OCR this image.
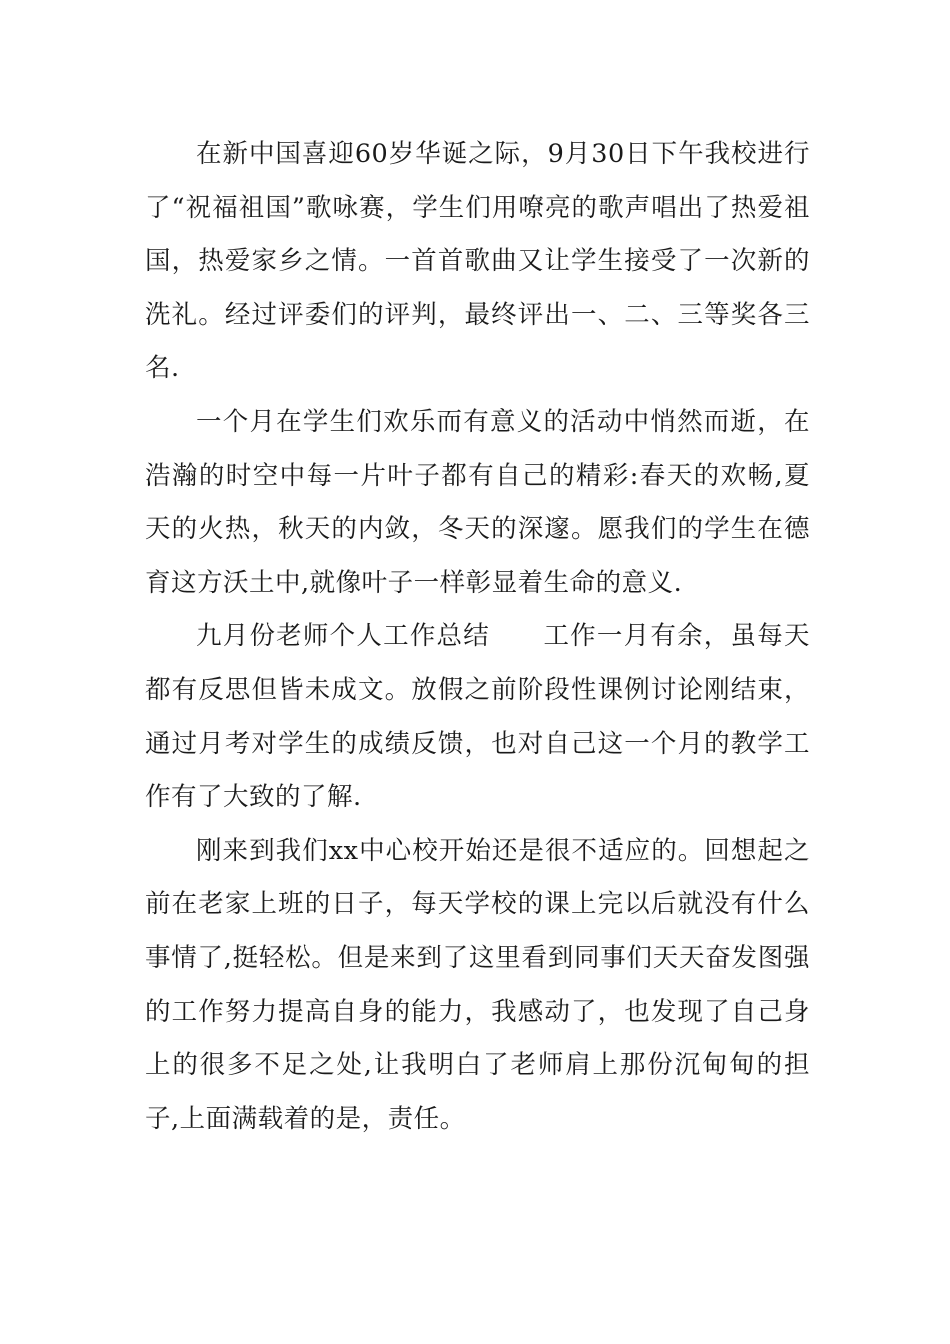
在新中国喜迎60岁华诞之际，9月30日下午我校进行了“祝福祖国”歌咏赛，学生们用嘹亮的歌声唱出了热爱祖国，热爱家乡之情。一首首歌曲又让学生接受了一次新的洗礼。经过评委们的评判，最终评出一、二、三等奖各三名.

一个月在学生们欢乐而有意义的活动中悄然而逝，在浩瀚的时空中每一片叶子都有自己的精彩:春天的欢畅,夏天的火热，秋天的内敛，冬天的深邃。愿我们的学生在德育这方沃土中,就像叶子一样彰显着生命的意义.

九月份老师个人工作总结　　工作一月有余，虽每天都有反思但皆未成文。放假之前阶段性课例讨论刚结束，通过月考对学生的成绩反馈，也对自己这一个月的教学工作有了大致的了解.

刚来到我们xx中心校开始还是很不适应的。回想起之前在老家上班的日子，每天学校的课上完以后就没有什么事情了,挺轻松。但是来到了这里看到同事们天天奋发图强的工作努力提高自身的能力，我感动了，也发现了自己身上的很多不足之处,让我明白了老师肩上那份沉甸甸的担子,上面满载着的是，责任。
